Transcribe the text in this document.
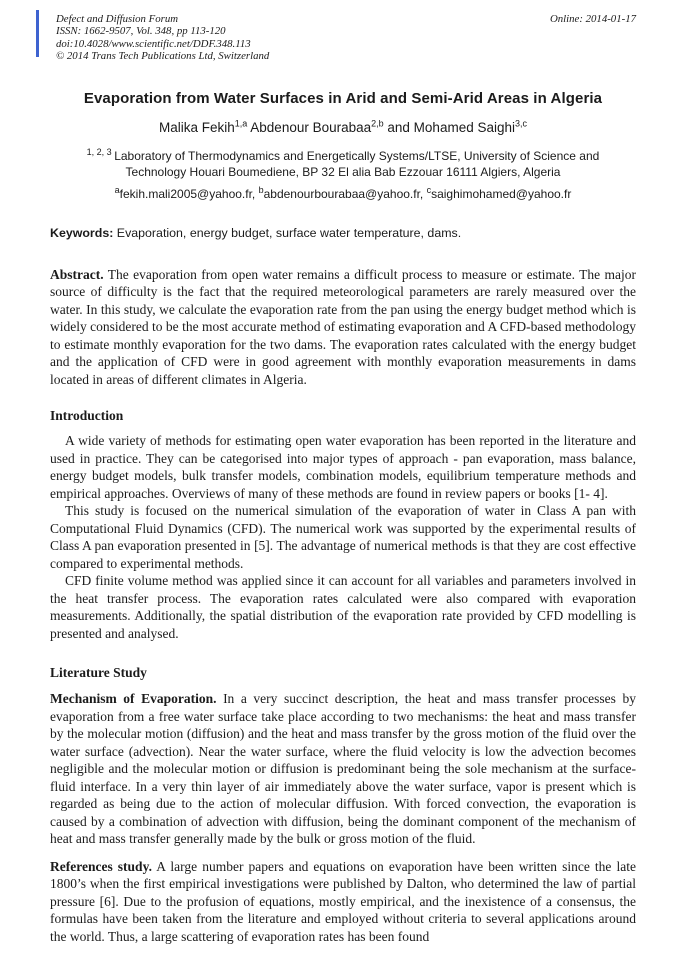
Defect and Diffusion Forum
ISSN: 1662-9507, Vol. 348, pp 113-120
doi:10.4028/www.scientific.net/DDF.348.113
© 2014 Trans Tech Publications Ltd, Switzerland
Online: 2014-01-17
Evaporation from Water Surfaces in Arid and Semi-Arid Areas in Algeria
Malika Fekih$^{1,a}$ Abdenour Bourabaa$^{2,b}$ and Mohamed Saighi$^{3,c}$
$^{1, 2, 3}$ Laboratory of Thermodynamics and Energetically Systems/LTSE, University of Science and Technology Houari Boumediene, BP 32 El alia Bab Ezzouar 16111 Algiers, Algeria
$^a$fekih.mali2005@yahoo.fr, $^b$abdenourbourabaa@yahoo.fr, $^c$saighimohamed@yahoo.fr
Keywords: Evaporation, energy budget, surface water temperature, dams.

Abstract. The evaporation from open water remains a difficult process to measure or estimate. The major source of difficulty is the fact that the required meteorological parameters are rarely measured over the water. In this study, we calculate the evaporation rate from the pan using the energy budget method which is widely considered to be the most accurate method of estimating evaporation and A CFD-based methodology to estimate monthly evaporation for the two dams. The evaporation rates calculated with the energy budget and the application of CFD were in good agreement with monthly evaporation measurements in dams located in areas of different climates in Algeria.

Introduction

A wide variety of methods for estimating open water evaporation has been reported in the literature and used in practice. They can be categorised into major types of approach - pan evaporation, mass balance, energy budget models, bulk transfer models, combination models, equilibrium temperature methods and empirical approaches. Overviews of many of these methods are found in review papers or books [1- 4].

This study is focused on the numerical simulation of the evaporation of water in Class A pan with Computational Fluid Dynamics (CFD). The numerical work was supported by the experimental results of Class A pan evaporation presented in [5]. The advantage of numerical methods is that they are cost effective compared to experimental methods.

CFD finite volume method was applied since it can account for all variables and parameters involved in the heat transfer process. The evaporation rates calculated were also compared with evaporation measurements. Additionally, the spatial distribution of the evaporation rate provided by CFD modelling is presented and analysed.

Literature Study

Mechanism of Evaporation. In a very succinct description, the heat and mass transfer processes by evaporation from a free water surface take place according to two mechanisms: the heat and mass transfer by the molecular motion (diffusion) and the heat and mass transfer by the gross motion of the fluid over the water surface (advection). Near the water surface, where the fluid velocity is low the advection becomes negligible and the molecular motion or diffusion is predominant being the sole mechanism at the surface-fluid interface. In a very thin layer of air immediately above the water surface, vapor is present which is regarded as being due to the action of molecular diffusion. With forced convection, the evaporation is caused by a combination of advection with diffusion, being the dominant component of the mechanism of heat and mass transfer generally made by the bulk or gross motion of the fluid.

References study. A large number papers and equations on evaporation have been written since the late 1800’s when the first empirical investigations were published by Dalton, who determined the law of partial pressure [6]. Due to the profusion of equations, mostly empirical, and the inexistence of a consensus, the formulas have been taken from the literature and employed without criteria to several applications around the world. Thus, a large scattering of evaporation rates has been found
